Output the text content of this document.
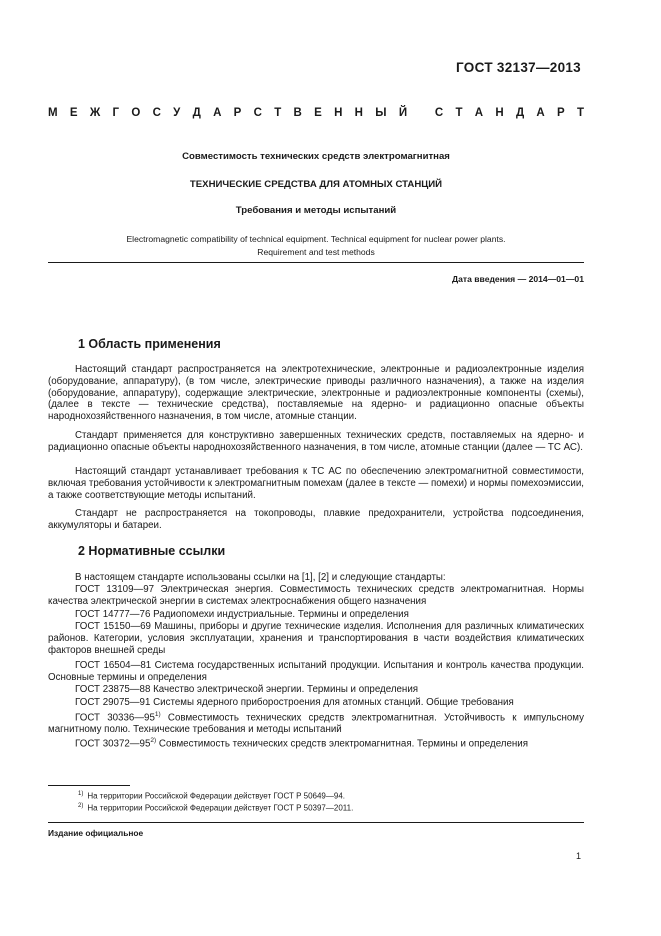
ГОСТ 32137—2013
М Е Ж Г О С У Д А Р С Т В Е Н Н Ы Й
С Т А Н Д А Р Т
Совместимость технических средств электромагнитная
ТЕХНИЧЕСКИЕ СРЕДСТВА ДЛЯ АТОМНЫХ СТАНЦИЙ
Требования и методы испытаний
Electromagnetic compatibility of technical equipment. Technical equipment for nuclear power plants.
Requirement and test methods
Дата введения — 2014—01—01
1 Область применения

Настоящий стандарт распространяется на электротехнические, электронные и радиоэлектронные изделия (оборудование, аппаратуру), (в том числе, электрические приводы различного назначения), а также на изделия (оборудование, аппаратуру), содержащие электрические, электронные и радиоэлектронные компоненты (схемы), (далее в тексте — технические средства), поставляемые на ядерно- и радиационно опасные объекты народнохозяйственного назначения, в том числе, атомные станции.

Стандарт применяется для конструктивно завершенных технических средств, поставляемых на ядерно- и радиационно опасные объекты народнохозяйственного назначения, в том числе, атомные станции (далее — ТС АС).

Настоящий стандарт устанавливает требования к ТС АС по обеспечению электромагнитной совместимости, включая требования устойчивости к электромагнитным помехам (далее в тексте — помехи) и нормы помехоэмиссии, а также соответствующие методы испытаний.

Стандарт не распространяется на токопроводы, плавкие предохранители, устройства подсоединения, аккумуляторы и батареи.

2 Нормативные ссылки

В настоящем стандарте использованы ссылки на [1], [2] и следующие стандарты:

ГОСТ 13109—97 Электрическая энергия. Совместимость технических средств электромагнитная. Нормы качества электрической энергии в системах электроснабжения общего назначения

ГОСТ 14777—76 Радиопомехи индустриальные. Термины и определения

ГОСТ 15150—69 Машины, приборы и другие технические изделия. Исполнения для различных климатических районов. Категории, условия эксплуатации, хранения и транспортирования в части воздействия климатических факторов внешней среды

ГОСТ 16504—81 Система государственных испытаний продукции. Испытания и контроль качества продукции. Основные термины и определения

ГОСТ 23875—88 Качество электрической энергии. Термины и определения

ГОСТ 29075—91 Системы ядерного приборостроения для атомных станций. Общие требования

ГОСТ 30336—95$^{1)}$ Совместимость технических средств электромагнитная. Устойчивость к импульсному магнитному полю. Технические требования и методы испытаний

ГОСТ 30372—95$^{2)}$ Совместимость технических средств электромагнитная. Термины и определения

$^{1)}$ На территории Российской Федерации действует ГОСТ Р 50649—94.
$^{2)}$ На территории Российской Федерации действует ГОСТ Р 50397—2011.
Издание официальное
1
